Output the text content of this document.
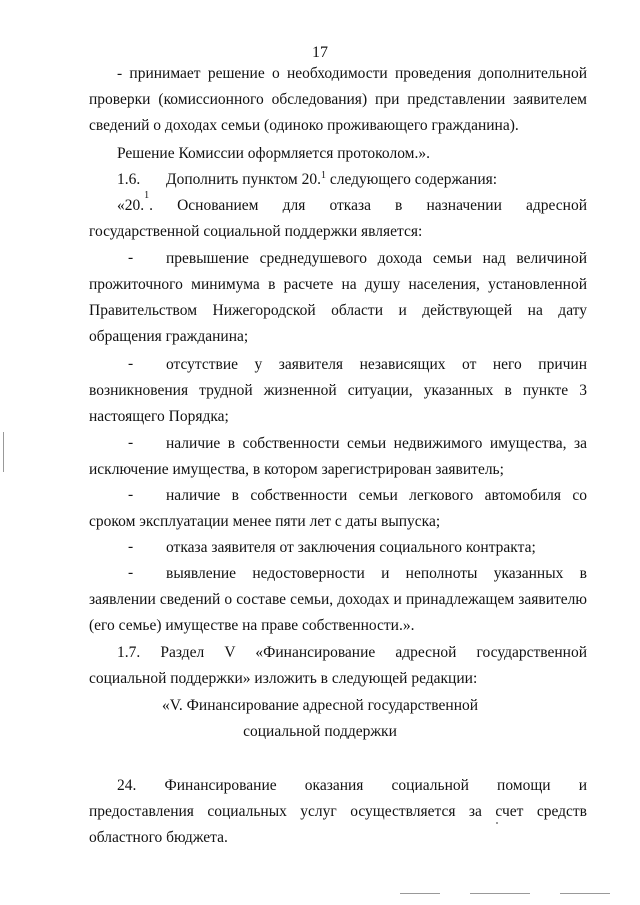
17
- принимает решение о необходимости проведения дополнительной
проверки (комиссионного обследования) при представлении заявителем
сведений о доходах семьи (одиноко проживающего гражданина).
Решение Комиссии оформляется протоколом.».
1.6. Дополнить пунктом 20.$^1$ следующего содержания:
«20.
1
. Основанием для отказа в назначении адресной
государственной социальной поддержки является:
- превышение среднедушевого дохода семьи над величиной
прожиточного минимума в расчете на душу населения, установленной
Правительством Нижегородской области и действующей на дату
обращения гражданина;
- отсутствие у заявителя независящих от него причин
возникновения трудной жизненной ситуации, указанных в пункте 3
настоящего Порядка;
- наличие в собственности семьи недвижимого имущества, за
исключение имущества, в котором зарегистрирован заявитель;
- наличие в собственности семьи легкового автомобиля со
сроком эксплуатации менее пяти лет с даты выпуска;
- отказа заявителя от заключения социального контракта;
- выявление недостоверности и неполноты указанных в
заявлении сведений о составе семьи, доходах и принадлежащем заявителю
(его семье) имуществе на праве собственности.».
1.7. Раздел V «Финансирование адресной государственной
социальной поддержки» изложить в следующей редакции:
«V. Финансирование адресной государственной
социальной поддержки
24. Финансирование оказания социальной помощи и
предоставления социальных услуг осуществляется за счет средств
областного бюджета.
